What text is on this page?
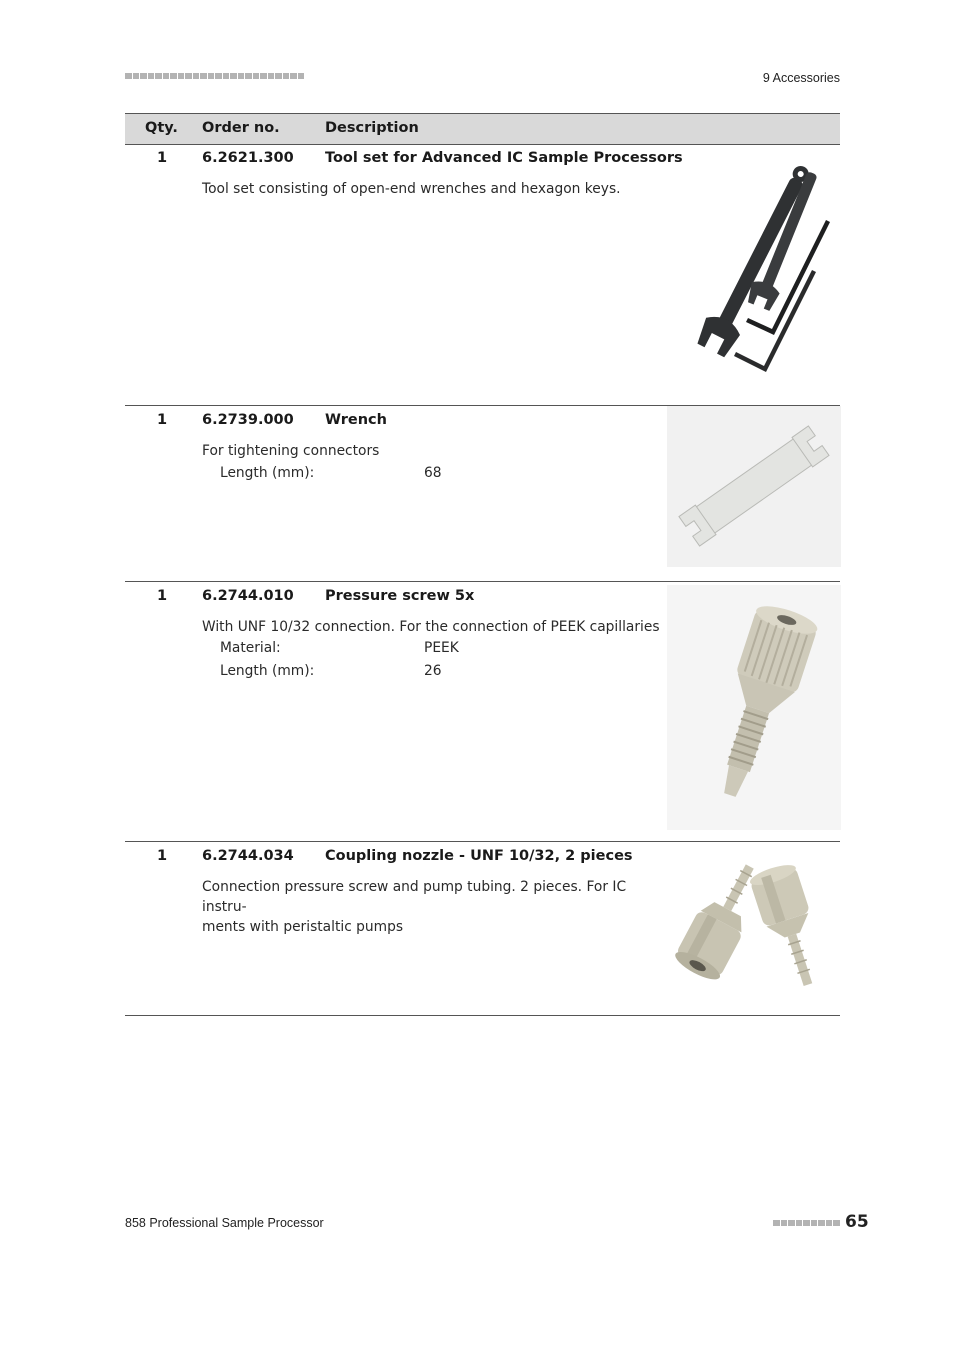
9 Accessories
Qty. Order no.	Description
1 6.2621.300 Tool set for Advanced IC Sample Processors
Tool set consisting of open-end wrenches and hexagon keys.
1 6.2739.000 Wrench
For tightening connectors
Length (mm):	68
1 6.2744.010 Pressure screw 5x
With UNF 10/32 connection. For the connection of PEEK capillaries
Material:	PEEK
Length (mm):	26
1 6.2744.034 Coupling nozzle - UNF 10/32, 2 pieces
Connection pressure screw and pump tubing. 2 pieces. For IC instru-
ments with peristaltic pumps
858 Professional Sample Processor	65
